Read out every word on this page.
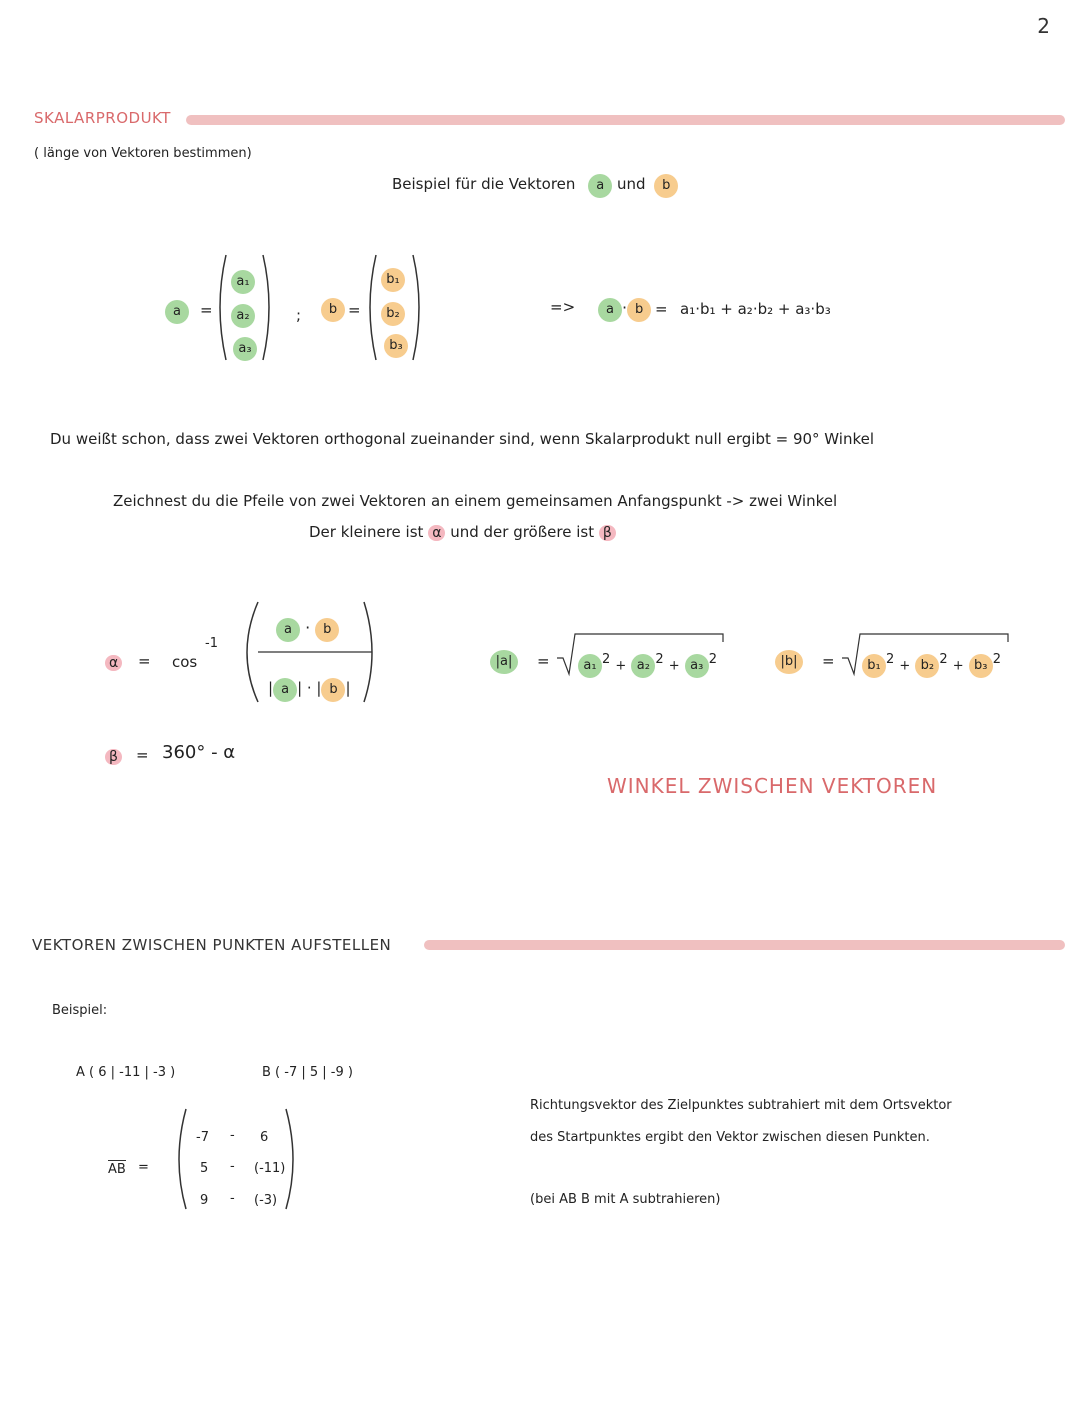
2
SKALARPRODUKT
( länge von Vektoren bestimmen)
Beispiel für die Vektoren a und b
a	=
a₁
a₂
a₃
;	b =
b₁
b₂
b₃
=>	a · b = a₁·b₁ + a₂·b₂ + a₃·b₃
Du weißt schon, dass zwei Vektoren orthogonal zueinander sind, wenn Skalarprodukt null ergibt = 90° Winkel
Zeichnest du die Pfeile von zwei Vektoren an einem gemeinsamen Anfangspunkt -> zwei Winkel
Der kleinere ist α und der größere ist β
α = cos
-1
a · b
| a | · | b |
β = 360° - α
|a|	=	a₁ $^2$ + a₂ $^2$ + a₃ $^2$	|b|	=	b₁ $^2$ + b₂ $^2$ + b₃ $^2$
WINKEL ZWISCHEN VEKTOREN
VEKTOREN ZWISCHEN PUNKTEN AUFSTELLEN
Beispiel:
A ( 6 | -11 | -3 )	B ( -7 | 5 | -9 )
AB =
-7 - 6
5 - (-11)
9 - (-3)
Richtungsvektor des Zielpunktes subtrahiert mit dem Ortsvektor
des Startpunktes ergibt den Vektor zwischen diesen Punkten.
(bei AB B mit A subtrahieren)
